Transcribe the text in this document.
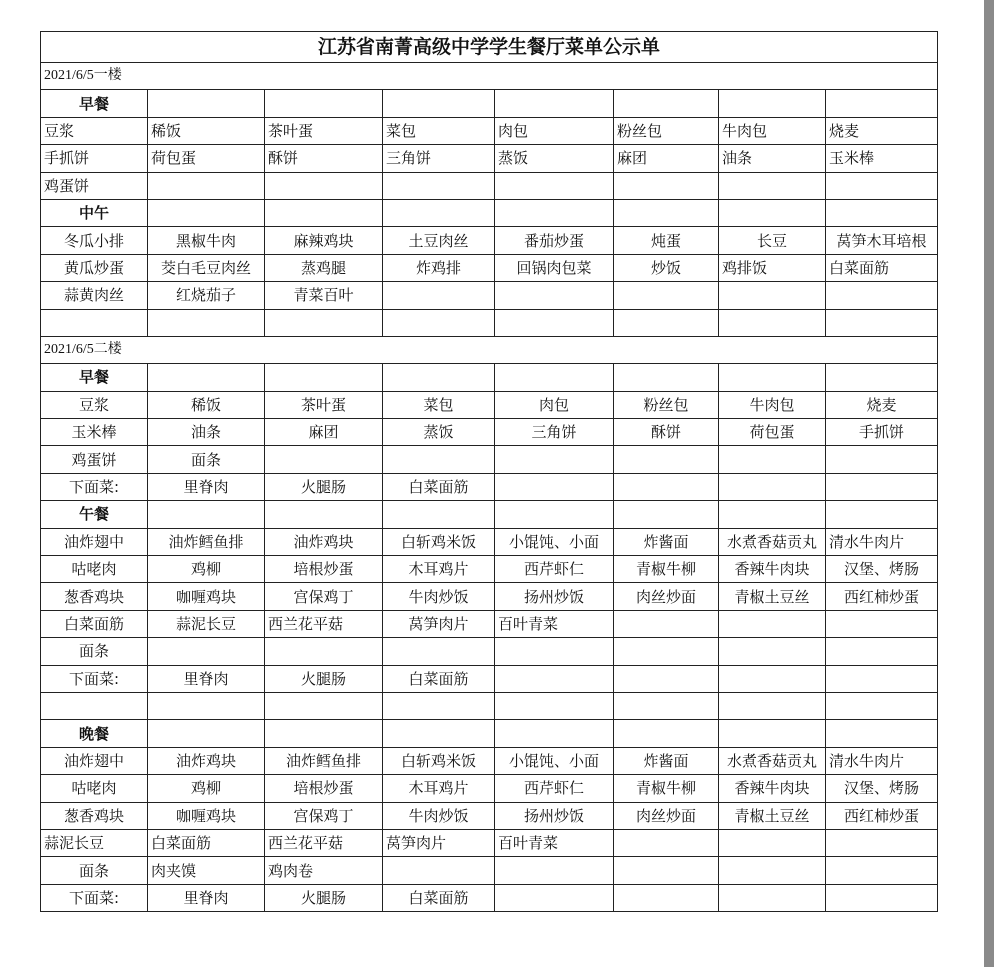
江苏省南菁高级中学学生餐厅菜单公示单							
2021/6/5一楼							
早餐							
豆浆	稀饭	茶叶蛋	菜包	肉包	粉丝包	牛肉包	烧麦
手抓饼	荷包蛋	酥饼	三角饼	蒸饭	麻团	油条	玉米棒
鸡蛋饼							
中午							
冬瓜小排	黑椒牛肉	麻辣鸡块	土豆肉丝	番茄炒蛋	炖蛋	长豆	莴笋木耳培根
黄瓜炒蛋	茭白毛豆肉丝	蒸鸡腿	炸鸡排	回锅肉包菜	炒饭	鸡排饭	白菜面筋
蒜黄肉丝	红烧茄子	青菜百叶					

2021/6/5二楼							
早餐							
豆浆	稀饭	茶叶蛋	菜包	肉包	粉丝包	牛肉包	烧麦
玉米棒	油条	麻团	蒸饭	三角饼	酥饼	荷包蛋	手抓饼
鸡蛋饼	面条						
下面菜:	里脊肉	火腿肠	白菜面筋				
午餐							
油炸翅中	油炸鳕鱼排	油炸鸡块	白斩鸡米饭	小馄饨、小面	炸酱面	水煮香菇贡丸	清水牛肉片
咕咾肉	鸡柳	培根炒蛋	木耳鸡片	西芹虾仁	青椒牛柳	香辣牛肉块	汉堡、烤肠
葱香鸡块	咖喱鸡块	宫保鸡丁	牛肉炒饭	扬州炒饭	肉丝炒面	青椒土豆丝	西红柿炒蛋
白菜面筋	蒜泥长豆	西兰花平菇	莴笋肉片	百叶青菜			
面条							
下面菜:	里脊肉	火腿肠	白菜面筋				

晚餐							
油炸翅中	油炸鸡块	油炸鳕鱼排	白斩鸡米饭	小馄饨、小面	炸酱面	水煮香菇贡丸	清水牛肉片
咕咾肉	鸡柳	培根炒蛋	木耳鸡片	西芹虾仁	青椒牛柳	香辣牛肉块	汉堡、烤肠
葱香鸡块	咖喱鸡块	宫保鸡丁	牛肉炒饭	扬州炒饭	肉丝炒面	青椒土豆丝	西红柿炒蛋
蒜泥长豆	白菜面筋	西兰花平菇	莴笋肉片	百叶青菜			
面条	肉夹馍	鸡肉卷					
下面菜:	里脊肉	火腿肠	白菜面筋				
